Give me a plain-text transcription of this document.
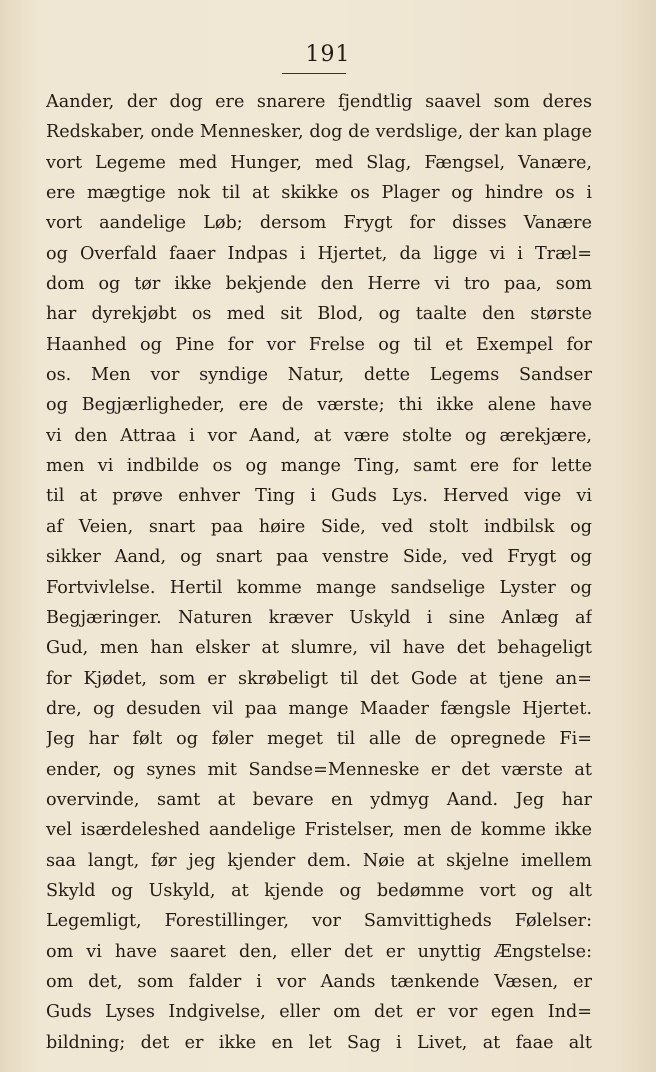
191
Aander, der dog ere snarere fjendtlig saavel som deres
Redskaber, onde Mennesker, dog de verdslige, der kan plage
vort Legeme med Hunger, med Slag, Fængsel, Vanære,
ere mægtige nok til at skikke os Plager og hindre os i
vort aandelige Løb; dersom Frygt for disses Vanære
og Overfald faaer Indpas i Hjertet, da ligge vi i Træl=
dom og tør ikke bekjende den Herre vi tro paa, som
har dyrekjøbt os med sit Blod, og taalte den største
Haanhed og Pine for vor Frelse og til et Exempel for
os. Men vor syndige Natur, dette Legems Sandser
og Begjærligheder, ere de værste; thi ikke alene have
vi den Attraa i vor Aand, at være stolte og ærekjære,
men vi indbilde os og mange Ting, samt ere for lette
til at prøve enhver Ting i Guds Lys. Herved vige vi
af Veien, snart paa høire Side, ved stolt indbilsk og
sikker Aand, og snart paa venstre Side, ved Frygt og
Fortvivlelse. Hertil komme mange sandselige Lyster og
Begjæringer. Naturen kræver Uskyld i sine Anlæg af
Gud, men han elsker at slumre, vil have det behageligt
for Kjødet, som er skrøbeligt til det Gode at tjene an=
dre, og desuden vil paa mange Maader fængsle Hjertet.
Jeg har følt og føler meget til alle de opregnede Fi=
ender, og synes mit Sandse=Menneske er det værste at
overvinde, samt at bevare en ydmyg Aand. Jeg har
vel isærdeleshed aandelige Fristelser, men de komme ikke
saa langt, før jeg kjender dem. Nøie at skjelne imellem
Skyld og Uskyld, at kjende og bedømme vort og alt
Legemligt, Forestillinger, vor Samvittigheds Følelser:
om vi have saaret den, eller det er unyttig Ængstelse:
om det, som falder i vor Aands tænkende Væsen, er
Guds Lyses Indgivelse, eller om det er vor egen Ind=
bildning; det er ikke en let Sag i Livet, at faae alt
